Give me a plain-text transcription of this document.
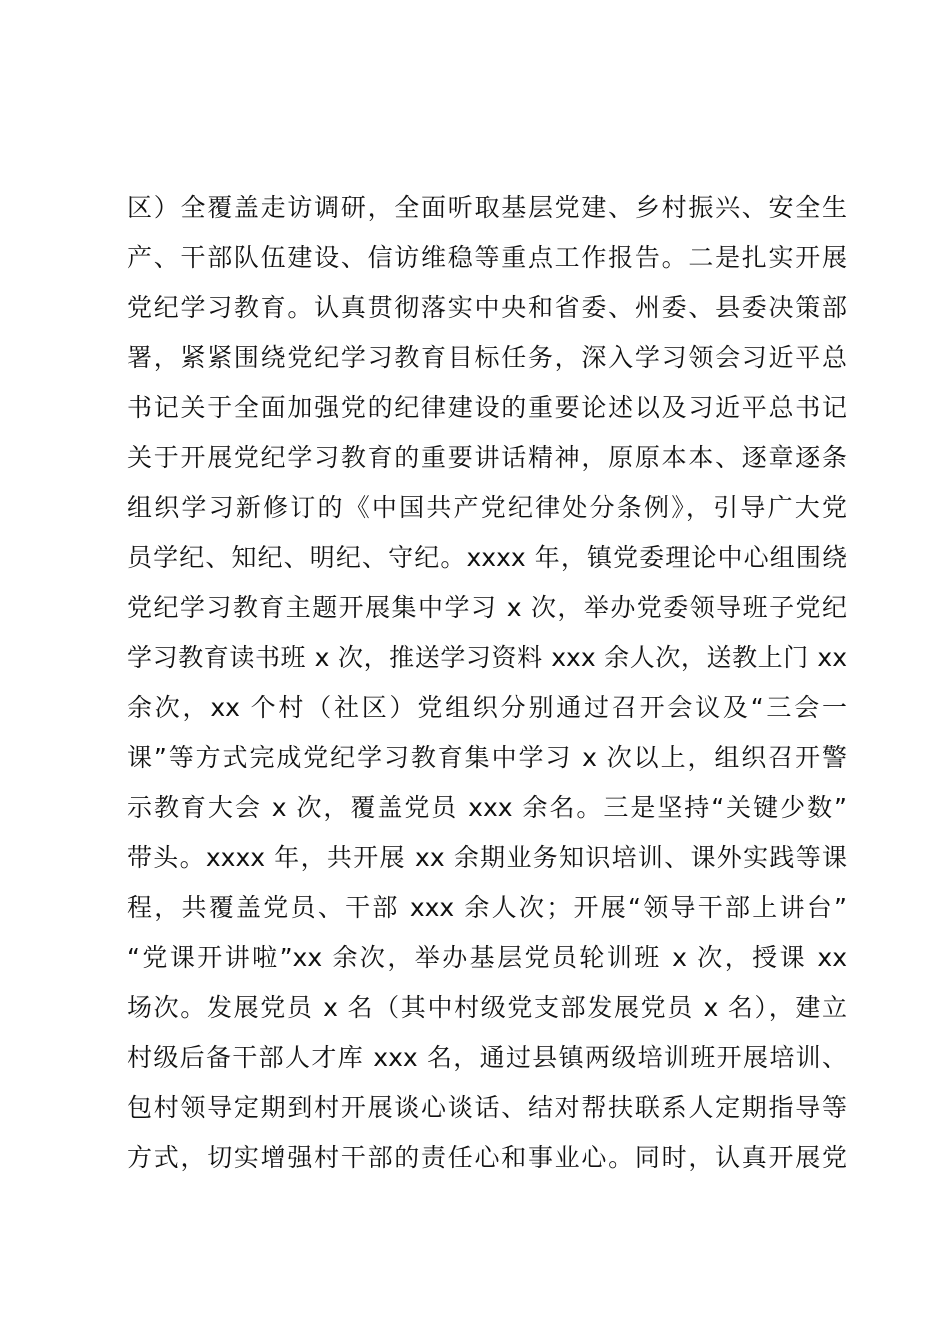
区）全覆盖走访调研，全面听取基层党建、乡村振兴、安全生
产、干部队伍建设、信访维稳等重点工作报告。二是扎实开展
党纪学习教育。认真贯彻落实中央和省委、州委、县委决策部
署，紧紧围绕党纪学习教育目标任务，深入学习领会习近平总
书记关于全面加强党的纪律建设的重要论述以及习近平总书记
关于开展党纪学习教育的重要讲话精神，原原本本、逐章逐条
组织学习新修订的《中国共产党纪律处分条例》，引导广大党
员学纪、知纪、明纪、守纪。xxxx 年，镇党委理论中心组围绕
党纪学习教育主题开展集中学习 x 次，举办党委领导班子党纪
学习教育读书班 x 次，推送学习资料 xxx 余人次，送教上门 xx
余次，xx 个村（社区）党组织分别通过召开会议及“三会一
课”等方式完成党纪学习教育集中学习 x 次以上，组织召开警
示教育大会 x 次，覆盖党员 xxx 余名。三是坚持“关键少数”
带头。xxxx 年，共开展 xx 余期业务知识培训、课外实践等课
程，共覆盖党员、干部 xxx 余人次；开展“领导干部上讲台”
“党课开讲啦”xx 余次，举办基层党员轮训班 x 次，授课 xx
场次。发展党员 x 名（其中村级党支部发展党员 x 名），建立
村级后备干部人才库 xxx 名，通过县镇两级培训班开展培训、
包村领导定期到村开展谈心谈话、结对帮扶联系人定期指导等
方式，切实增强村干部的责任心和事业心。同时，认真开展党
